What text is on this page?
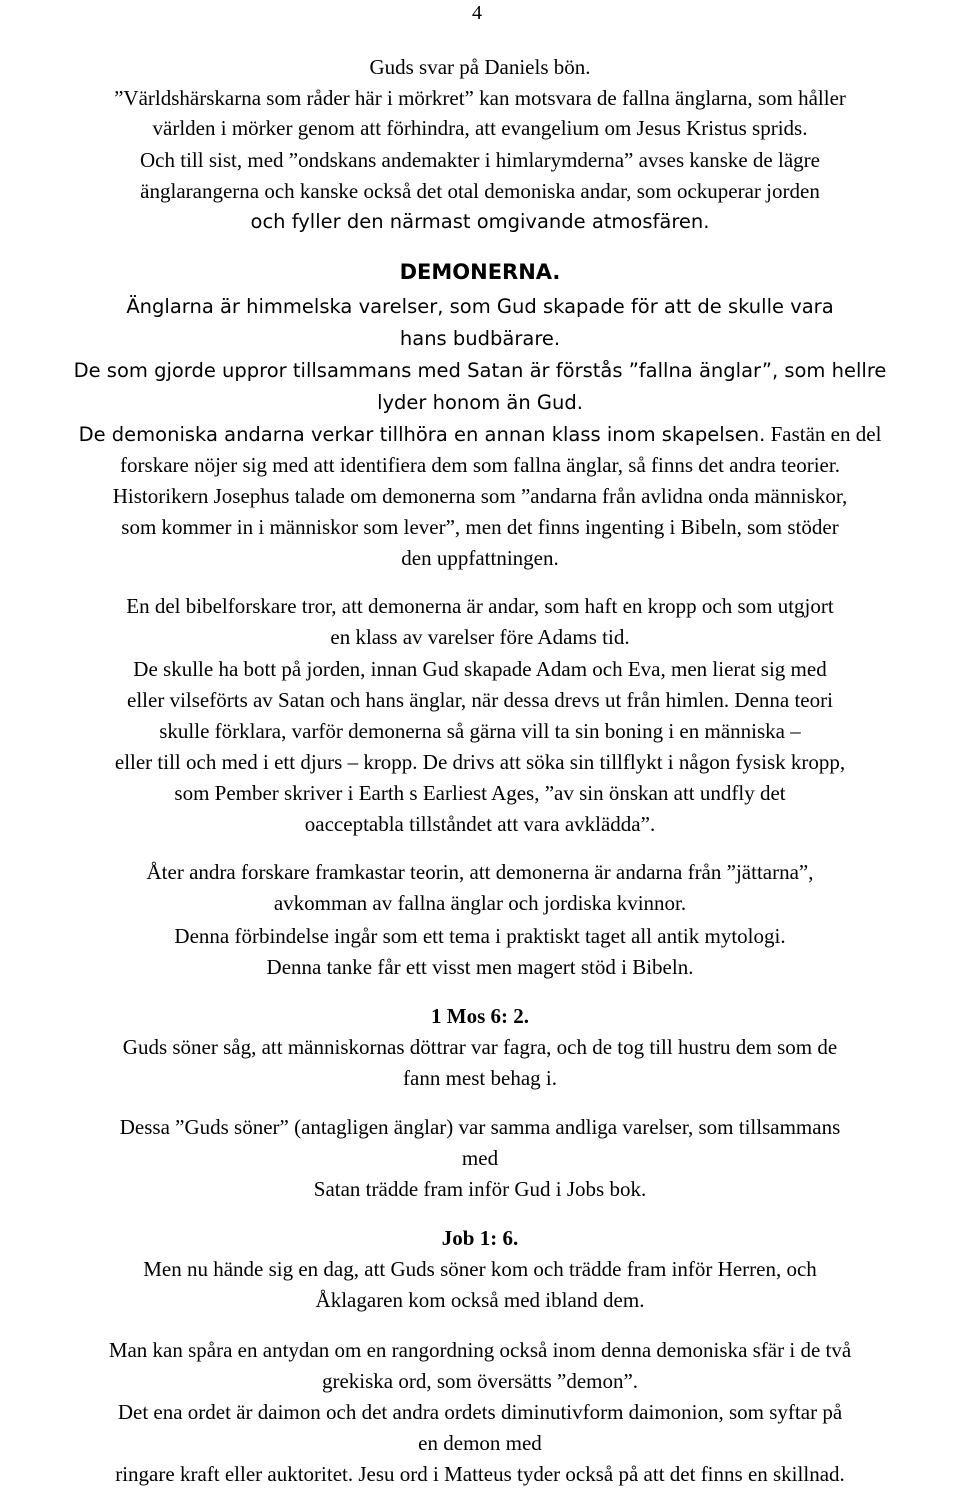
4
Guds svar på Daniels bön.
”Världshärskarna som råder här i mörkret” kan motsvara de fallna änglarna, som håller
världen i mörker genom att förhindra, att evangelium om Jesus Kristus sprids.
Och till sist, med ”ondskans andemakter i himlarymderna” avses kanske de lägre
änglarangerna och kanske också det otal demoniska andar, som ockuperar jorden
och fyller den närmast omgivande atmosfären.
DEMONERNA.
Änglarna är himmelska varelser, som Gud skapade för att de skulle vara
hans budbärare.
De som gjorde uppror tillsammans med Satan är förstås ”fallna änglar”, som hellre
lyder honom än Gud.
De demoniska andarna verkar tillhöra en annan klass inom skapelsen. Fastän en del
forskare nöjer sig med att identifiera dem som fallna änglar, så finns det andra teorier.
Historikern Josephus talade om demonerna som ”andarna från avlidna onda människor,
som kommer in i människor som lever”, men det finns ingenting i Bibeln, som stöder
den uppfattningen.
En del bibelforskare tror, att demonerna är andar, som haft en kropp och som utgjort
en klass av varelser före Adams tid.
De skulle ha bott på jorden, innan Gud skapade Adam och Eva, men lierat sig med
eller vilseförts av Satan och hans änglar, när dessa drevs ut från himlen. Denna teori
skulle förklara, varför demonerna så gärna vill ta sin boning i en människa –
eller till och med i ett djurs – kropp. De drivs att söka sin tillflykt i någon fysisk kropp,
som Pember skriver i Earth s Earliest Ages, ”av sin önskan att undfly det
oacceptabla tillståndet att vara avklädda”.
Åter andra forskare framkastar teorin, att demonerna är andarna från ”jättarna”,
avkomman av fallna änglar och jordiska kvinnor.
Denna förbindelse ingår som ett tema i praktiskt taget all antik mytologi.
Denna tanke får ett visst men magert stöd i Bibeln.
1 Mos 6: 2.
Guds söner såg, att människornas döttrar var fagra, och de tog till hustru dem som de
fann mest behag i.
Dessa ”Guds söner” (antagligen änglar) var samma andliga varelser, som tillsammans
med
Satan trädde fram inför Gud i Jobs bok.
Job 1: 6.
Men nu hände sig en dag, att Guds söner kom och trädde fram inför Herren, och
Åklagaren kom också med ibland dem.
Man kan spåra en antydan om en rangordning också inom denna demoniska sfär i de två
grekiska ord, som översätts ”demon”.
Det ena ordet är daimon och det andra ordets diminutivform daimonion, som syftar på
en demon med
ringare kraft eller auktoritet. Jesu ord i Matteus tyder också på att det finns en skillnad.
